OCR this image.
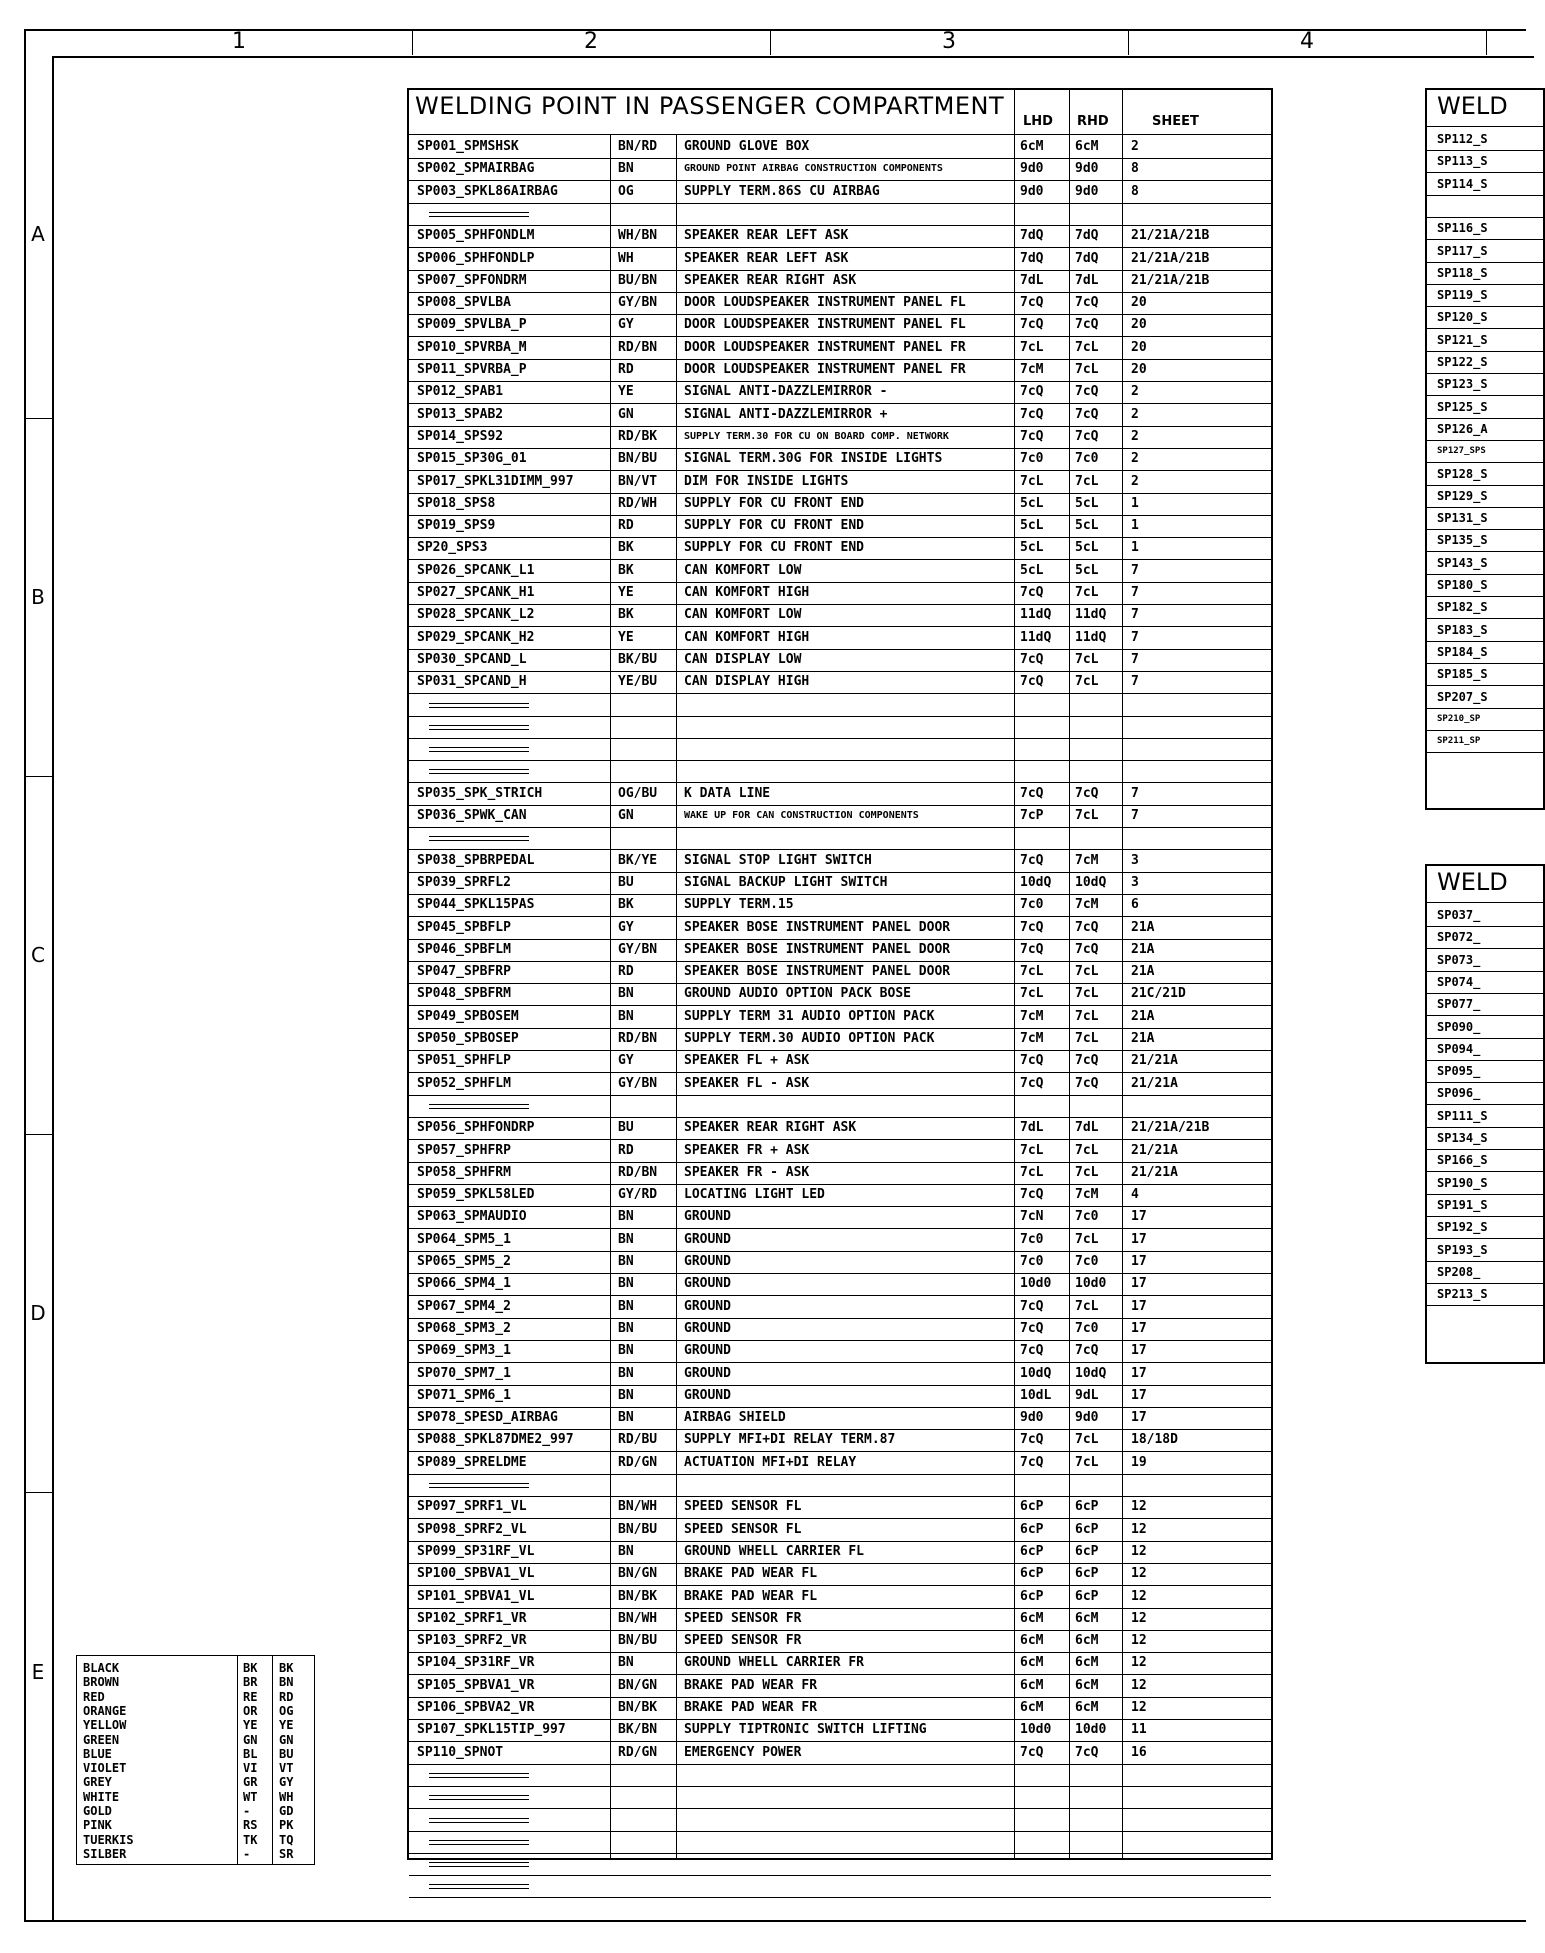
1	2	3	4
A
B
C
D
E
WELDING POINT IN PASSENGER COMPARTMENT
LHD RHD	SHEET
SP001_SPMSHSK	BN/RD GROUND GLOVE BOX	6cM 6cM	2
SP002_SPMAIRBAG	BN	GROUND POINT AIRBAG CONSTRUCTION COMPONENTS	9d0 9d0	8
SP003_SPKL86AIRBAG	OG	SUPPLY TERM.86S CU AIRBAG	9d0 9d0	8
SP005_SPHFONDLM	WH/BN SPEAKER REAR LEFT ASK	7dQ 7dQ	21/21A/21B
SP006_SPHFONDLP	WH	SPEAKER REAR LEFT ASK	7dQ 7dQ	21/21A/21B
SP007_SPFONDRM	BU/BN SPEAKER REAR RIGHT ASK	7dL 7dL	21/21A/21B
SP008_SPVLBA	GY/BN DOOR LOUDSPEAKER INSTRUMENT PANEL FL	7cQ 7cQ	20
SP009_SPVLBA_P	GY	DOOR LOUDSPEAKER INSTRUMENT PANEL FL	7cQ 7cQ	20
SP010_SPVRBA_M	RD/BN DOOR LOUDSPEAKER INSTRUMENT PANEL FR	7cL 7cL	20
SP011_SPVRBA_P	RD	DOOR LOUDSPEAKER INSTRUMENT PANEL FR	7cM 7cL	20
SP012_SPAB1	YE	SIGNAL ANTI-DAZZLEMIRROR -	7cQ 7cQ	2
SP013_SPAB2	GN	SIGNAL ANTI-DAZZLEMIRROR +	7cQ 7cQ	2
SP014_SPS92	RD/BK	SUPPLY TERM.30 FOR CU ON BOARD COMP. NETWORK	7cQ 7cQ	2
SP015_SP30G_01	BN/BU SIGNAL TERM.30G FOR INSIDE LIGHTS	7c0 7c0	2
SP017_SPKL31DIMM_997	BN/VT DIM FOR INSIDE LIGHTS	7cL 7cL	2
SP018_SPS8	RD/WH SUPPLY FOR CU FRONT END	5cL 5cL	1
SP019_SPS9	RD	SUPPLY FOR CU FRONT END	5cL 5cL	1
SP20_SPS3	BK	SUPPLY FOR CU FRONT END	5cL 5cL	1
SP026_SPCANK_L1	BK	CAN KOMFORT LOW	5cL 5cL	7
SP027_SPCANK_H1	YE	CAN KOMFORT HIGH	7cQ 7cL	7
SP028_SPCANK_L2	BK	CAN KOMFORT LOW	11dQ 11dQ 7
SP029_SPCANK_H2	YE	CAN KOMFORT HIGH	11dQ 11dQ 7
SP030_SPCAND_L	BK/BU CAN DISPLAY LOW	7cQ 7cL	7
SP031_SPCAND_H	YE/BU CAN DISPLAY HIGH	7cQ 7cL	7
SP035_SPK_STRICH	OG/BU K DATA LINE	7cQ 7cQ	7
SP036_SPWK_CAN	GN	WAKE UP FOR CAN CONSTRUCTION COMPONENTS	7cP 7cL	7
SP038_SPBRPEDAL	BK/YE SIGNAL STOP LIGHT SWITCH	7cQ 7cM	3
SP039_SPRFL2	BU	SIGNAL BACKUP LIGHT SWITCH	10dQ 10dQ 3
SP044_SPKL15PAS	BK	SUPPLY TERM.15	7c0 7cM	6
SP045_SPBFLP	GY	SPEAKER BOSE INSTRUMENT PANEL DOOR	7cQ 7cQ	21A
SP046_SPBFLM	GY/BN SPEAKER BOSE INSTRUMENT PANEL DOOR	7cQ 7cQ	21A
SP047_SPBFRP	RD	SPEAKER BOSE INSTRUMENT PANEL DOOR	7cL 7cL	21A
SP048_SPBFRM	BN	GROUND AUDIO OPTION PACK BOSE	7cL 7cL	21C/21D
SP049_SPBOSEM	BN	SUPPLY TERM 31 AUDIO OPTION PACK	7cM 7cL	21A
SP050_SPBOSEP	RD/BN SUPPLY TERM.30 AUDIO OPTION PACK	7cM 7cL	21A
SP051_SPHFLP	GY	SPEAKER FL + ASK	7cQ 7cQ	21/21A
SP052_SPHFLM	GY/BN SPEAKER FL - ASK	7cQ 7cQ	21/21A
SP056_SPHFONDRP	BU	SPEAKER REAR RIGHT ASK	7dL 7dL	21/21A/21B
SP057_SPHFRP	RD	SPEAKER FR + ASK	7cL 7cL	21/21A
SP058_SPHFRM	RD/BN SPEAKER FR - ASK	7cL 7cL	21/21A
SP059_SPKL58LED	GY/RD LOCATING LIGHT LED	7cQ 7cM	4
SP063_SPMAUDIO	BN	GROUND	7cN 7c0	17
SP064_SPM5_1	BN	GROUND	7c0 7cL	17
SP065_SPM5_2	BN	GROUND	7c0 7c0	17
SP066_SPM4_1	BN	GROUND	10d0 10d0 17
SP067_SPM4_2	BN	GROUND	7cQ 7cL	17
SP068_SPM3_2	BN	GROUND	7cQ 7c0	17
SP069_SPM3_1	BN	GROUND	7cQ 7cQ	17
SP070_SPM7_1	BN	GROUND	10dQ 10dQ 17
SP071_SPM6_1	BN	GROUND	10dL 9dL	17
SP078_SPESD_AIRBAG	BN	AIRBAG SHIELD	9d0 9d0	17
SP088_SPKL87DME2_997	RD/BU SUPPLY MFI+DI RELAY TERM.87	7cQ 7cL	18/18D
SP089_SPRELDME	RD/GN ACTUATION MFI+DI RELAY	7cQ 7cL	19
SP097_SPRF1_VL	BN/WH SPEED SENSOR FL	6cP 6cP	12
SP098_SPRF2_VL	BN/BU SPEED SENSOR FL	6cP 6cP	12
SP099_SP31RF_VL	BN	GROUND WHELL CARRIER FL	6cP 6cP	12
SP100_SPBVA1_VL	BN/GN BRAKE PAD WEAR FL	6cP 6cP	12
SP101_SPBVA1_VL	BN/BK BRAKE PAD WEAR FL	6cP 6cP	12
SP102_SPRF1_VR	BN/WH SPEED SENSOR FR	6cM 6cM	12
SP103_SPRF2_VR	BN/BU SPEED SENSOR FR	6cM 6cM	12
SP104_SP31RF_VR	BN	GROUND WHELL CARRIER FR	6cM 6cM	12
SP105_SPBVA1_VR	BN/GN BRAKE PAD WEAR FR	6cM 6cM	12
SP106_SPBVA2_VR	BN/BK BRAKE PAD WEAR FR	6cM 6cM	12
SP107_SPKL15TIP_997	BK/BN SUPPLY TIPTRONIC SWITCH LIFTING	10d0 10d0 11
SP110_SPNOT	RD/GN EMERGENCY POWER	7cQ 7cQ	16
WELD
SP112_S
SP113_S
SP114_S
SP116_S
SP117_S
SP118_S
SP119_S
SP120_S
SP121_S
SP122_S
SP123_S
SP125_S
SP126_A
SP127_SPS
SP128_S
SP129_S
SP131_S
SP135_S
SP143_S
SP180_S
SP182_S
SP183_S
SP184_S
SP185_S
SP207_S
SP210_SP
SP211_SP
WELD
SP037_
SP072_
SP073_
SP074_
SP077_
SP090_
SP094_
SP095_
SP096_
SP111_S
SP134_S
SP166_S
SP190_S
SP191_S
SP192_S
SP193_S
SP208_
SP213_S
BLACK	BK BK
BROWN	BR BN
RED	RE RD
ORANGE	OR OG
YELLOW	YE YE
GREEN	GN GN
BLUE	BL BU
VIOLET	VI VT
GREY	GR GY
WHITE	WT WH
GOLD	- GD
PINK	RS PK
TUERKIS	TK TQ
SILBER	- SR
